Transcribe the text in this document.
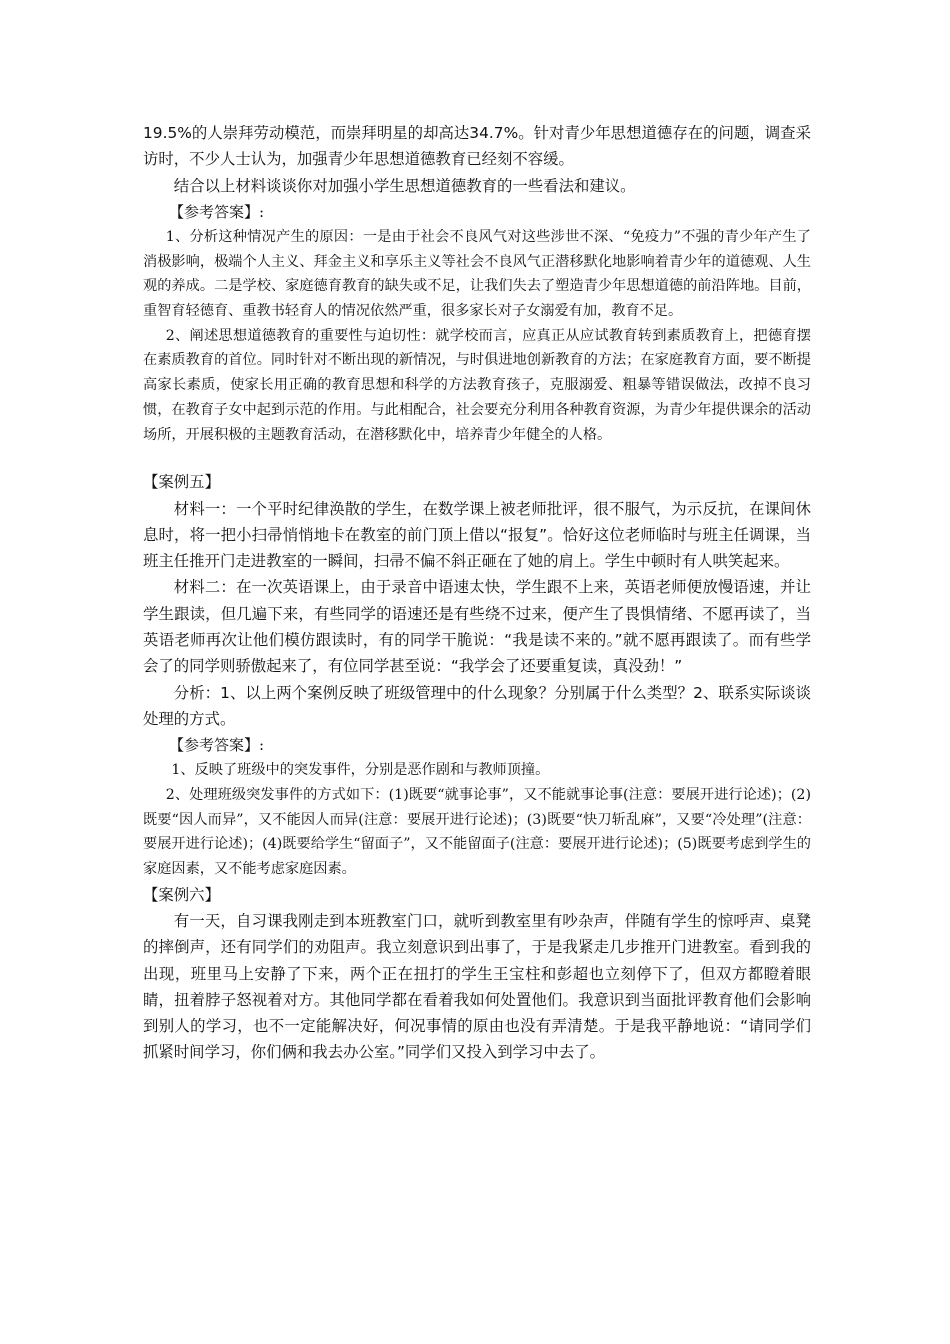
19.5%的人崇拜劳动模范，而崇拜明星的却高达34.7%。针对青少年思想道德存在的问题，调查采访时，不少人士认为，加强青少年思想道德教育已经刻不容缓。

结合以上材料谈谈你对加强小学生思想道德教育的一些看法和建议。

【参考答案】:

1、分析这种情况产生的原因：一是由于社会不良风气对这些涉世不深、“免疫力”不强的青少年产生了消极影响，极端个人主义、拜金主义和享乐主义等社会不良风气正潜移默化地影响着青少年的道德观、人生观的养成。二是学校、家庭德育教育的缺失或不足，让我们失去了塑造青少年思想道德的前沿阵地。目前，重智育轻德育、重教书轻育人的情况依然严重，很多家长对子女溺爱有加，教育不足。

2、阐述思想道德教育的重要性与迫切性：就学校而言，应真正从应试教育转到素质教育上，把德育摆在素质教育的首位。同时针对不断出现的新情况，与时俱进地创新教育的方法；在家庭教育方面，要不断提高家长素质，使家长用正确的教育思想和科学的方法教育孩子，克服溺爱、粗暴等错误做法，改掉不良习惯，在教育子女中起到示范的作用。与此相配合，社会要充分利用各种教育资源，为青少年提供课余的活动场所，开展积极的主题教育活动，在潜移默化中，培养青少年健全的人格。

【案例五】

材料一：一个平时纪律涣散的学生，在数学课上被老师批评，很不服气，为示反抗，在课间休息时，将一把小扫帚悄悄地卡在教室的前门顶上借以“报复”。恰好这位老师临时与班主任调课，当班主任推开门走进教室的一瞬间，扫帚不偏不斜正砸在了她的肩上。学生中顿时有人哄笑起来。

材料二：在一次英语课上，由于录音中语速太快，学生跟不上来，英语老师便放慢语速，并让学生跟读，但几遍下来，有些同学的语速还是有些绕不过来，便产生了畏惧情绪、不愿再读了，当英语老师再次让他们模仿跟读时，有的同学干脆说：“我是读不来的。”就不愿再跟读了。而有些学会了的同学则骄傲起来了，有位同学甚至说：“我学会了还要重复读，真没劲！”

分析：1、以上两个案例反映了班级管理中的什么现象？分别属于什么类型？2、联系实际谈谈处理的方式。

【参考答案】:

1、反映了班级中的突发事件，分别是恶作剧和与教师顶撞。

2、处理班级突发事件的方式如下：(1)既要“就事论事”，又不能就事论事(注意：要展开进行论述)；(2)既要“因人而异”，又不能因人而异(注意：要展开进行论述)；(3)既要“快刀斩乱麻”，又要“冷处理”(注意：要展开进行论述)；(4)既要给学生“留面子”，又不能留面子(注意：要展开进行论述)；(5)既要考虑到学生的家庭因素，又不能考虑家庭因素。

【案例六】

有一天，自习课我刚走到本班教室门口，就听到教室里有吵杂声，伴随有学生的惊呼声、桌凳的摔倒声，还有同学们的劝阻声。我立刻意识到出事了，于是我紧走几步推开门进教室。看到我的出现，班里马上安静了下来，两个正在扭打的学生王宝柱和彭超也立刻停下了，但双方都瞪着眼睛，扭着脖子怒视着对方。其他同学都在看着我如何处置他们。我意识到当面批评教育他们会影响到别人的学习，也不一定能解决好，何况事情的原由也没有弄清楚。于是我平静地说：“请同学们抓紧时间学习，你们俩和我去办公室。”同学们又投入到学习中去了。
